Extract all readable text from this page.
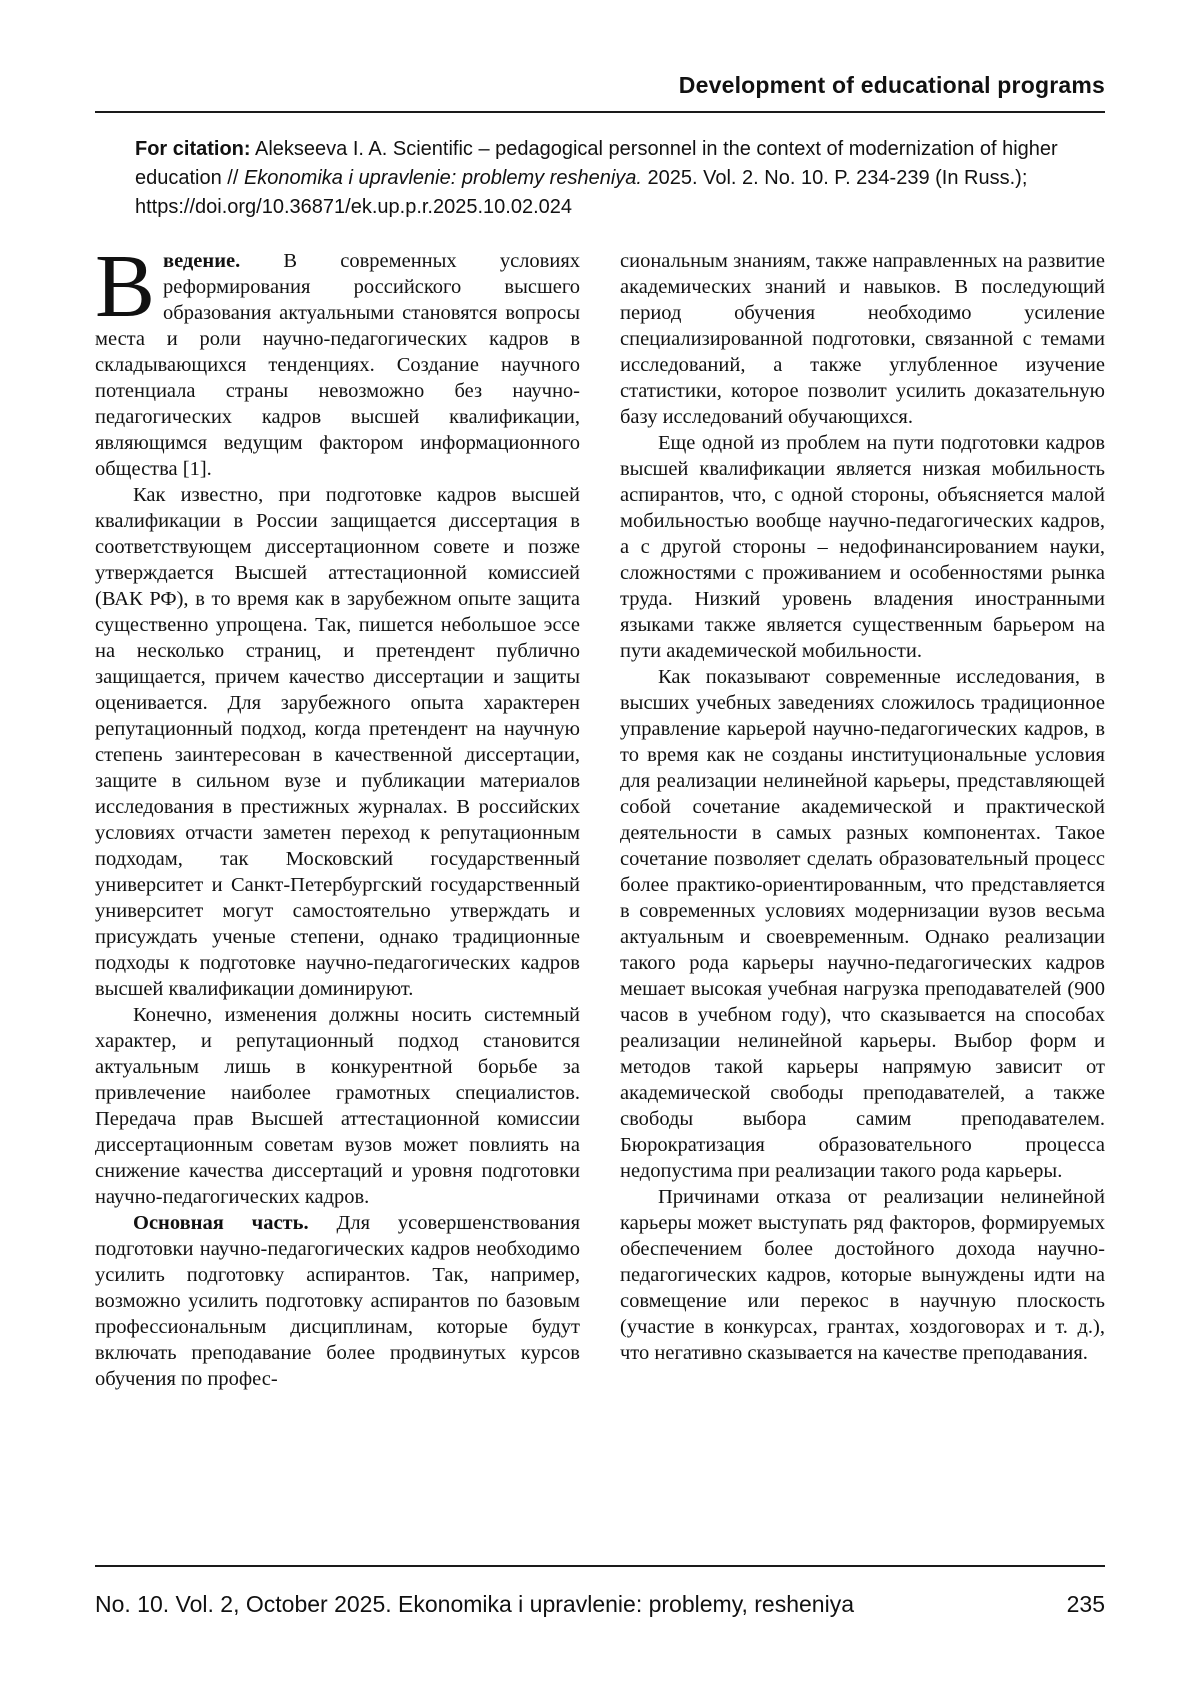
Development of educational programs
For citation: Alekseeva I. A. Scientific – pedagogical personnel in the context of modernization of higher education // Ekonomika i upravlenie: problemy resheniya. 2025. Vol. 2. No. 10. P. 234-239 (In Russ.);
https://doi.org/10.36871/ek.up.p.r.2025.10.02.024

Введение. В современных условиях реформирования российского высшего образования актуальными становятся вопросы места и роли научно-педагогических кадров в складывающихся тенденциях. Создание научного потенциала страны невозможно без научно-педагогических кадров высшей квалификации, являющимся ведущим фактором информационного общества [1].

Как известно, при подготовке кадров высшей квалификации в России защищается диссертация в соответствующем диссертационном совете и позже утверждается Высшей аттестационной комиссией (ВАК РФ), в то время как в зарубежном опыте защита существенно упрощена. Так, пишется небольшое эссе на несколько страниц, и претендент публично защищается, причем качество диссертации и защиты оценивается. Для зарубежного опыта характерен репутационный подход, когда претендент на научную степень заинтересован в качественной диссертации, защите в сильном вузе и публикации материалов исследования в престижных журналах. В российских условиях отчасти заметен переход к репутационным подходам, так Московский государственный университет и Санкт-Петербургский государственный университет могут самостоятельно утверждать и присуждать ученые степени, однако традиционные подходы к подготовке научно-педагогических кадров высшей квалификации доминируют.

Конечно, изменения должны носить системный характер, и репутационный подход становится актуальным лишь в конкурентной борьбе за привлечение наиболее грамотных специалистов. Передача прав Высшей аттестационной комиссии диссертационным советам вузов может повлиять на снижение качества диссертаций и уровня подготовки научно-педагогических кадров.

Основная часть. Для усовершенствования подготовки научно-педагогических кадров необходимо усилить подготовку аспирантов. Так, например, возможно усилить подготовку аспирантов по базовым профессиональным дисциплинам, которые будут включать преподавание более продвинутых курсов обучения по профес-

сиональным знаниям, также направленных на развитие академических знаний и навыков. В последующий период обучения необходимо усиление специализированной подготовки, связанной с темами исследований, а также углубленное изучение статистики, которое позволит усилить доказательную базу исследований обучающихся.

Еще одной из проблем на пути подготовки кадров высшей квалификации является низкая мобильность аспирантов, что, с одной стороны, объясняется малой мобильностью вообще научно-педагогических кадров, а с другой стороны – недофинансированием науки, сложностями с проживанием и особенностями рынка труда. Низкий уровень владения иностранными языками также является существенным барьером на пути академической мобильности.

Как показывают современные исследования, в высших учебных заведениях сложилось традиционное управление карьерой научно-педагогических кадров, в то время как не созданы институциональные условия для реализации нелинейной карьеры, представляющей собой сочетание академической и практической деятельности в самых разных компонентах. Такое сочетание позволяет сделать образовательный процесс более практико-ориентированным, что представляется в современных условиях модернизации вузов весьма актуальным и своевременным. Однако реализации такого рода карьеры научно-педагогических кадров мешает высокая учебная нагрузка преподавателей (900 часов в учебном году), что сказывается на способах реализации нелинейной карьеры. Выбор форм и методов такой карьеры напрямую зависит от академической свободы преподавателей, а также свободы выбора самим преподавателем. Бюрократизация образовательного процесса недопустима при реализации такого рода карьеры.

Причинами отказа от реализации нелинейной карьеры может выступать ряд факторов, формируемых обеспечением более достойного дохода научно-педагогических кадров, которые вынуждены идти на совмещение или перекос в научную плоскость (участие в конкурсах, грантах, хоздоговорах и т. д.), что негативно сказывается на качестве преподавания.

No. 10. Vol. 2, October 2025. Ekonomika i upravlenie: problemy, resheniya	235
